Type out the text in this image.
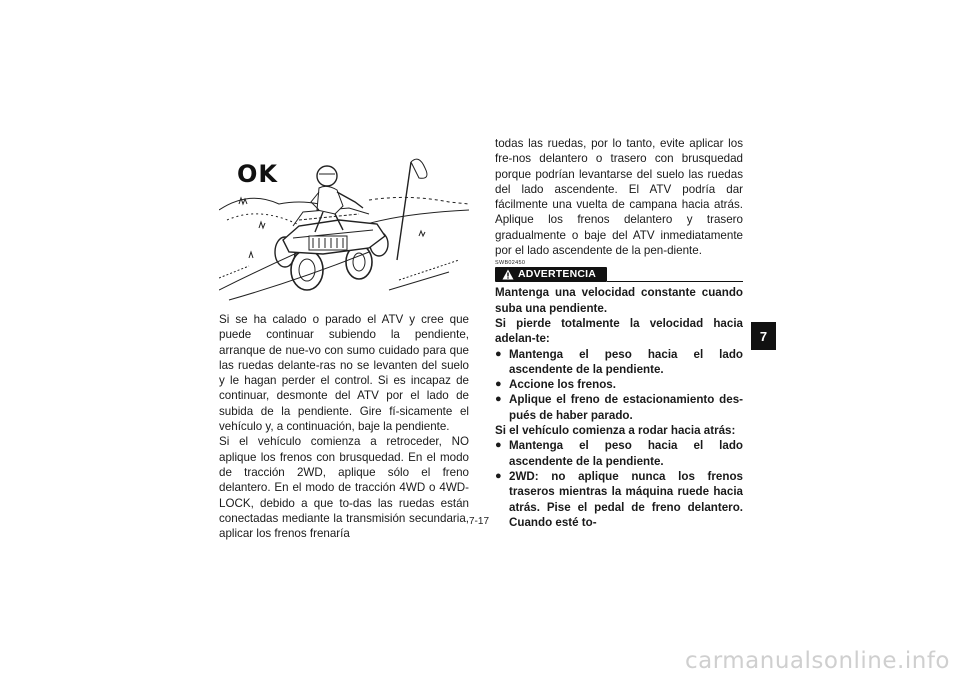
OK

Si se ha calado o parado el ATV y cree que puede continuar subiendo la pendiente, arranque de nue-vo con sumo cuidado para que las ruedas delante-ras no se levanten del suelo y le hagan perder el control. Si es incapaz de continuar, desmonte del ATV por el lado de subida de la pendiente. Gire fí-sicamente el vehículo y, a continuación, baje la pendiente.

Si el vehículo comienza a retroceder, NO aplique los frenos con brusquedad. En el modo de tracción 2WD, aplique sólo el freno delantero. En el modo de tracción 4WD o 4WD-LOCK, debido a que to-das las ruedas están conectadas mediante la transmisión secundaria, aplicar los frenos frenaría

todas las ruedas, por lo tanto, evite aplicar los fre-nos delantero o trasero con brusquedad porque podrían levantarse del suelo las ruedas del lado ascendente. El ATV podría dar fácilmente una vuelta de campana hacia atrás. Aplique los frenos delantero y trasero gradualmente o baje del ATV inmediatamente por el lado ascendente de la pen-diente.

SWB02450
ADVERTENCIA

Mantenga una velocidad constante cuando suba una pendiente.

Si pierde totalmente la velocidad hacia adelan-te:

● Mantenga el peso hacia el lado ascendente de la pendiente.
● Accione los frenos.
● Aplique el freno de estacionamiento des-pués de haber parado.

Si el vehículo comienza a rodar hacia atrás:

● Mantenga el peso hacia el lado ascendente de la pendiente.
● 2WD: no aplique nunca los frenos traseros mientras la máquina ruede hacia atrás. Pise el pedal de freno delantero. Cuando esté to-
7
7-17
carmanualsonline.info
